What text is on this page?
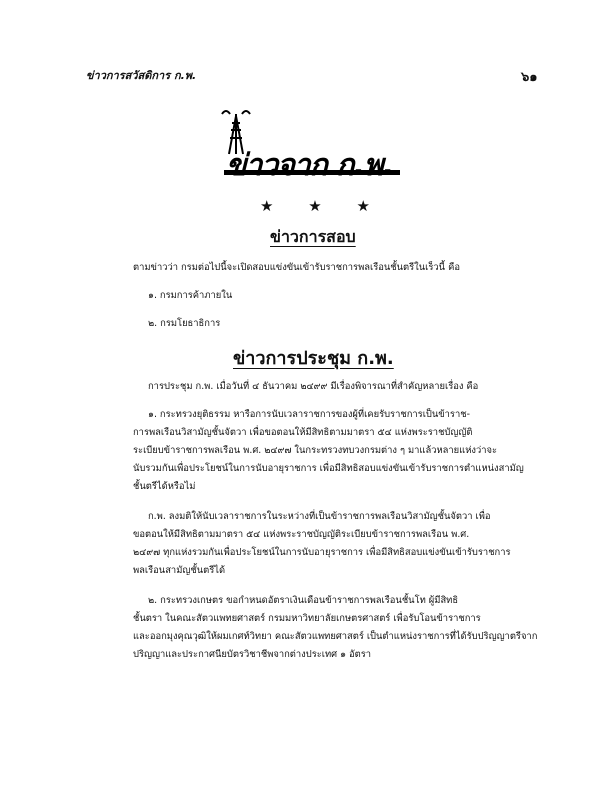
ข่าวการสวัสดิการ ก.พ.	๖๑
ข่าวจาก ก.พ.
★ ★ ★
ข่าวการสอบ
ตามข่าวว่า กรมต่อไปนี้จะเปิดสอบแข่งขันเข้ารับราชการพลเรือนชั้นตรีในเร็วนี้ คือ
๑. กรมการค้าภายใน
๒. กรมโยธาธิการ
ข่าวการประชุม ก.พ.
การประชุม ก.พ. เมื่อวันที่ ๔ ธันวาคม ๒๔๙๙ มีเรื่องพิจารณาที่สำคัญหลายเรื่อง คือ
๑. กระทรวงยุติธรรม หารือการนับเวลาราชการของผู้ที่เคยรับราชการเป็นข้าราช-
การพลเรือนวิสามัญชั้นจัตวา เพื่อขอตอนให้มีสิทธิตามมาตรา ๕๔ แห่งพระราชบัญญัติ
ระเบียบข้าราชการพลเรือน พ.ศ. ๒๔๙๗ ในกระทรวงทบวงกรมต่าง ๆ มาแล้วหลายแห่งว่าจะ
นับรวมกันเพื่อประโยชน์ในการนับอายุราชการ เพื่อมีสิทธิสอบแข่งขันเข้ารับราชการตำแหน่งสามัญ
ชั้นตรีได้หรือไม่
ก.พ. ลงมติให้นับเวลาราชการในระหว่างที่เป็นข้าราชการพลเรือนวิสามัญชั้นจัตวา เพื่อ
ขอตอนให้มีสิทธิตามมาตรา ๕๔ แห่งพระราชบัญญัติระเบียบข้าราชการพลเรือน พ.ศ.
๒๔๙๗ ทุกแห่งรวมกันเพื่อประโยชน์ในการนับอายุราชการ เพื่อมีสิทธิสอบแข่งขันเข้ารับราชการ
พลเรือนสามัญชั้นตรีได้
๒. กระทรวงเกษตร ขอกำหนดอัตราเงินเดือนข้าราชการพลเรือนชั้นโท ผู้มีสิทธิ
ชั้นตรา ในคณะสัตวแพทยศาสตร์ กรมมหาวิทยาลัยเกษตรศาสตร์ เพื่อรับโอนข้าราชการ
และออกมุงคุณวุฒิให้ผมเกศท์วิทยา คณะสัตวแพทยศาสตร์ เป็นตำแหน่งราชการที่ได้รับปริญญาตรีจาก
ปริญญาและประกาศนียบัตรวิชาชีพจากต่างประเทศ ๑ อัตรา
